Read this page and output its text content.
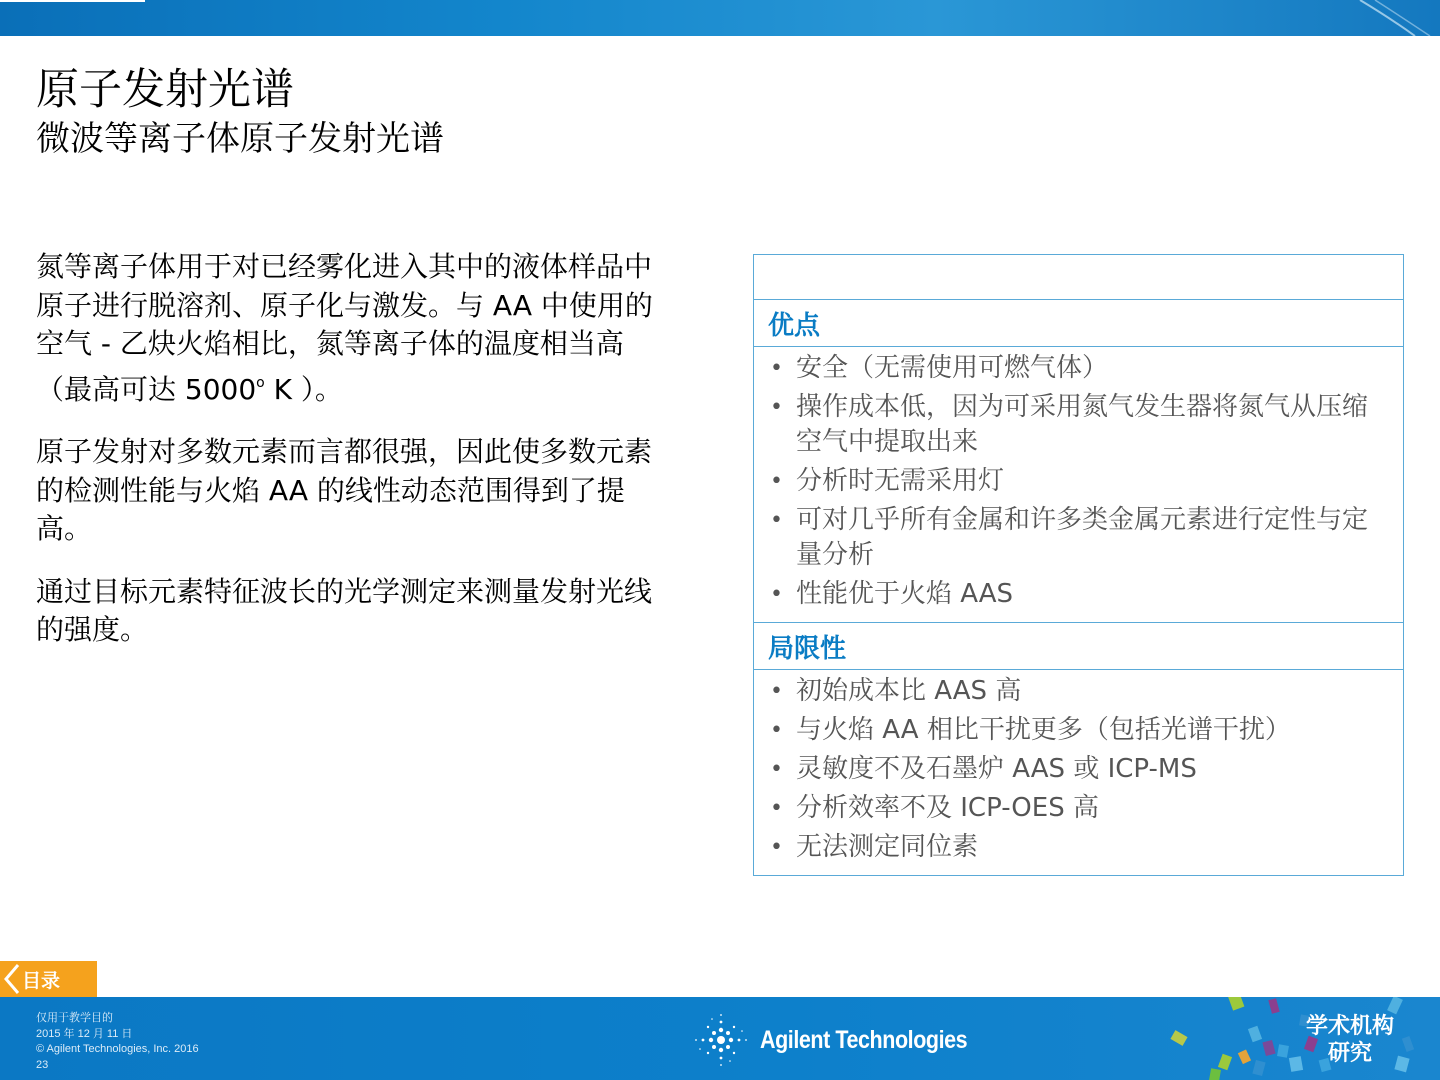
原子发射光谱
微波等离子体原子发射光谱

氮等离子体用于对已经雾化进入其中的液体样品中原子进行脱溶剂、原子化与激发。与 AA 中使用的空气 - 乙炔火焰相比，氮等离子体的温度相当高（最高可达 5000$^o$ K ）。

原子发射对多数元素而言都很强，因此使多数元素的检测性能与火焰 AA 的线性动态范围得到了提高。

通过目标元素特征波长的光学测定来测量发射光线的强度。

优点
• 安全（无需使用可燃气体）
• 操作成本低，因为可采用氮气发生器将氮气从压缩空气中提取出来
• 分析时无需采用灯
• 可对几乎所有金属和许多类金属元素进行定性与定量分析
• 性能优于火焰 AAS
局限性
• 初始成本比 AAS 高
• 与火焰 AA 相比干扰更多（包括光谱干扰）
• 灵敏度不及石墨炉 AAS 或 ICP-MS
• 分析效率不及 ICP-OES 高
• 无法测定同位素
目录
仅用于教学目的
2015 年 12 月 11 日
© Agilent Technologies, Inc. 2016
23
Agilent Technologies	学术机构
研究
